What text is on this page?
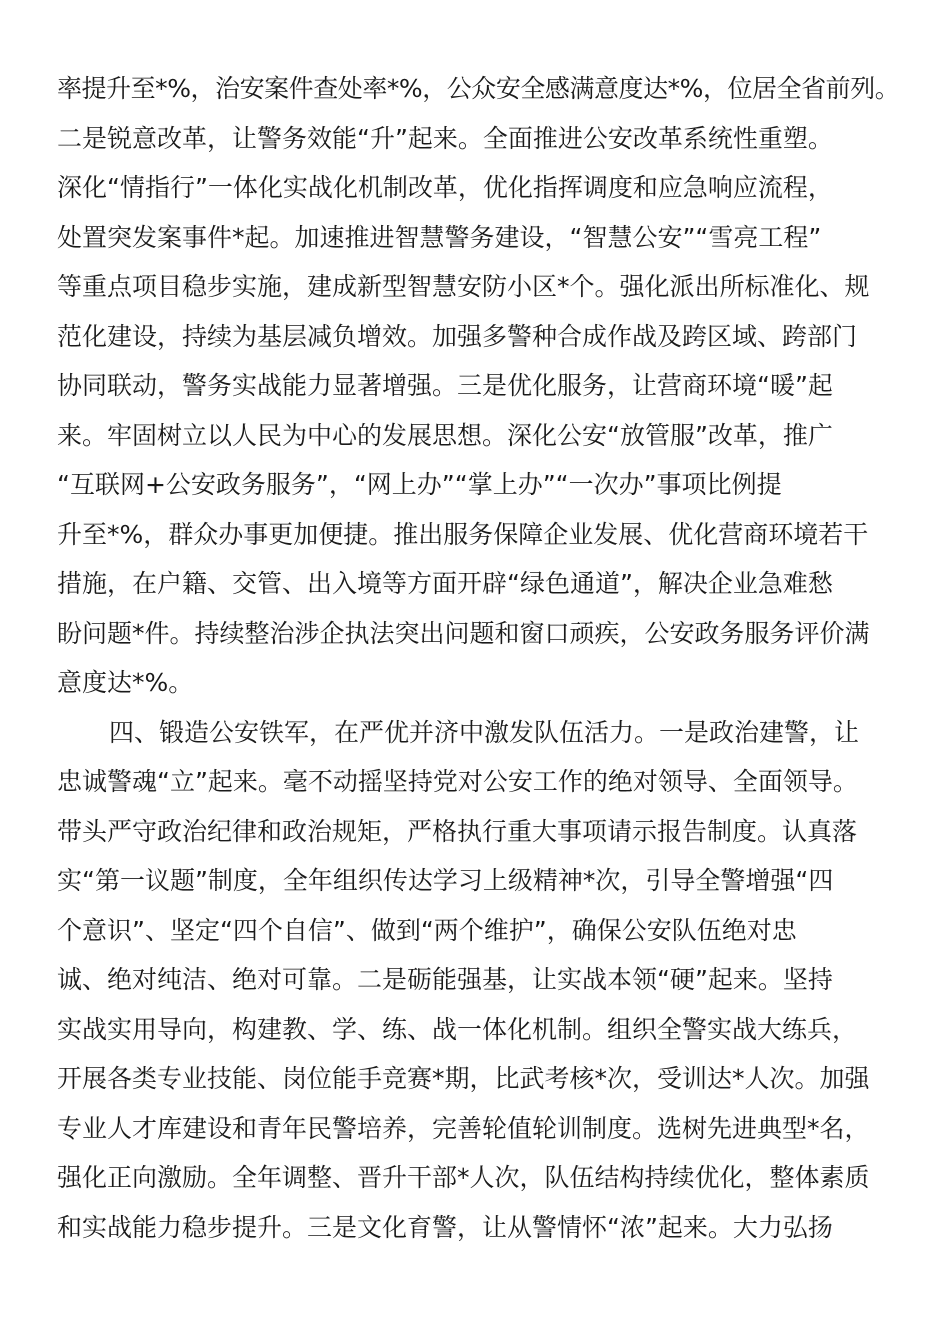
率提升至*%，治安案件查处率*%，公众安全感满意度达*%，位居全省前列。
二是锐意改革，让警务效能“升”起来。全面推进公安改革系统性重塑。
深化“情指行”一体化实战化机制改革，优化指挥调度和应急响应流程，
处置突发案事件*起。加速推进智慧警务建设，“智慧公安”“雪亮工程”
等重点项目稳步实施，建成新型智慧安防小区*个。强化派出所标准化、规
范化建设，持续为基层减负增效。加强多警种合成作战及跨区域、跨部门
协同联动，警务实战能力显著增强。三是优化服务，让营商环境“暖”起
来。牢固树立以人民为中心的发展思想。深化公安“放管服”改革，推广
“互联网+公安政务服务”，“网上办”“掌上办”“一次办”事项比例提
升至*%，群众办事更加便捷。推出服务保障企业发展、优化营商环境若干
措施，在户籍、交管、出入境等方面开辟“绿色通道”，解决企业急难愁
盼问题*件。持续整治涉企执法突出问题和窗口顽疾，公安政务服务评价满
意度达*%。
四、锻造公安铁军，在严优并济中激发队伍活力。一是政治建警，让
忠诚警魂“立”起来。毫不动摇坚持党对公安工作的绝对领导、全面领导。
带头严守政治纪律和政治规矩，严格执行重大事项请示报告制度。认真落
实“第一议题”制度，全年组织传达学习上级精神*次，引导全警增强“四
个意识”、坚定“四个自信”、做到“两个维护”，确保公安队伍绝对忠
诚、绝对纯洁、绝对可靠。二是砺能强基，让实战本领“硬”起来。坚持
实战实用导向，构建教、学、练、战一体化机制。组织全警实战大练兵，
开展各类专业技能、岗位能手竞赛*期，比武考核*次，受训达*人次。加强
专业人才库建设和青年民警培养，完善轮值轮训制度。选树先进典型*名，
强化正向激励。全年调整、晋升干部*人次，队伍结构持续优化，整体素质
和实战能力稳步提升。三是文化育警，让从警情怀“浓”起来。大力弘扬
